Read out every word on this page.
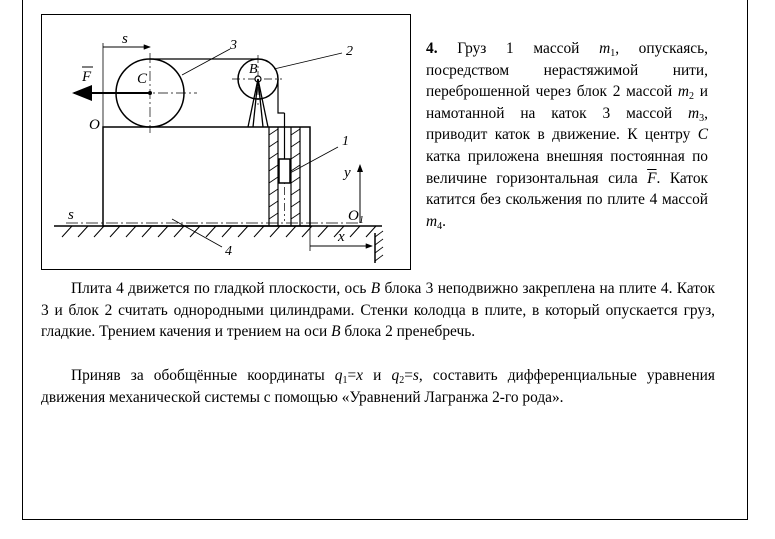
F	C
s
O
3	2
B
1
y
$O_1$
s
4
x
4. Груз 1 массой $m_1$, опускаясь, посредством нерастяжимой нити, переброшенной через блок 2 массой $m_2$ и намотанной на каток 3 массой $m_3$, приводит каток в движение. К центру C катка приложена внешняя постоянная по величине горизонтальная сила $\overline{F}$. Каток катится без скольжения по плите 4 массой $m_4$.
Плита 4 движется по гладкой плоскости, ось B блока 3 неподвижно закреплена на плите 4. Каток 3 и блок 2 считать однородными цилиндрами. Стенки колодца в плите, в который опускается груз, гладкие. Трением качения и трением на оси B блока 2 пренебречь.
Приняв за обобщённые координаты $q_1=x$ и $q_2=s$, составить дифференциальные уравнения движения механической системы с помощью «Уравнений Лагранжа 2-го рода».
